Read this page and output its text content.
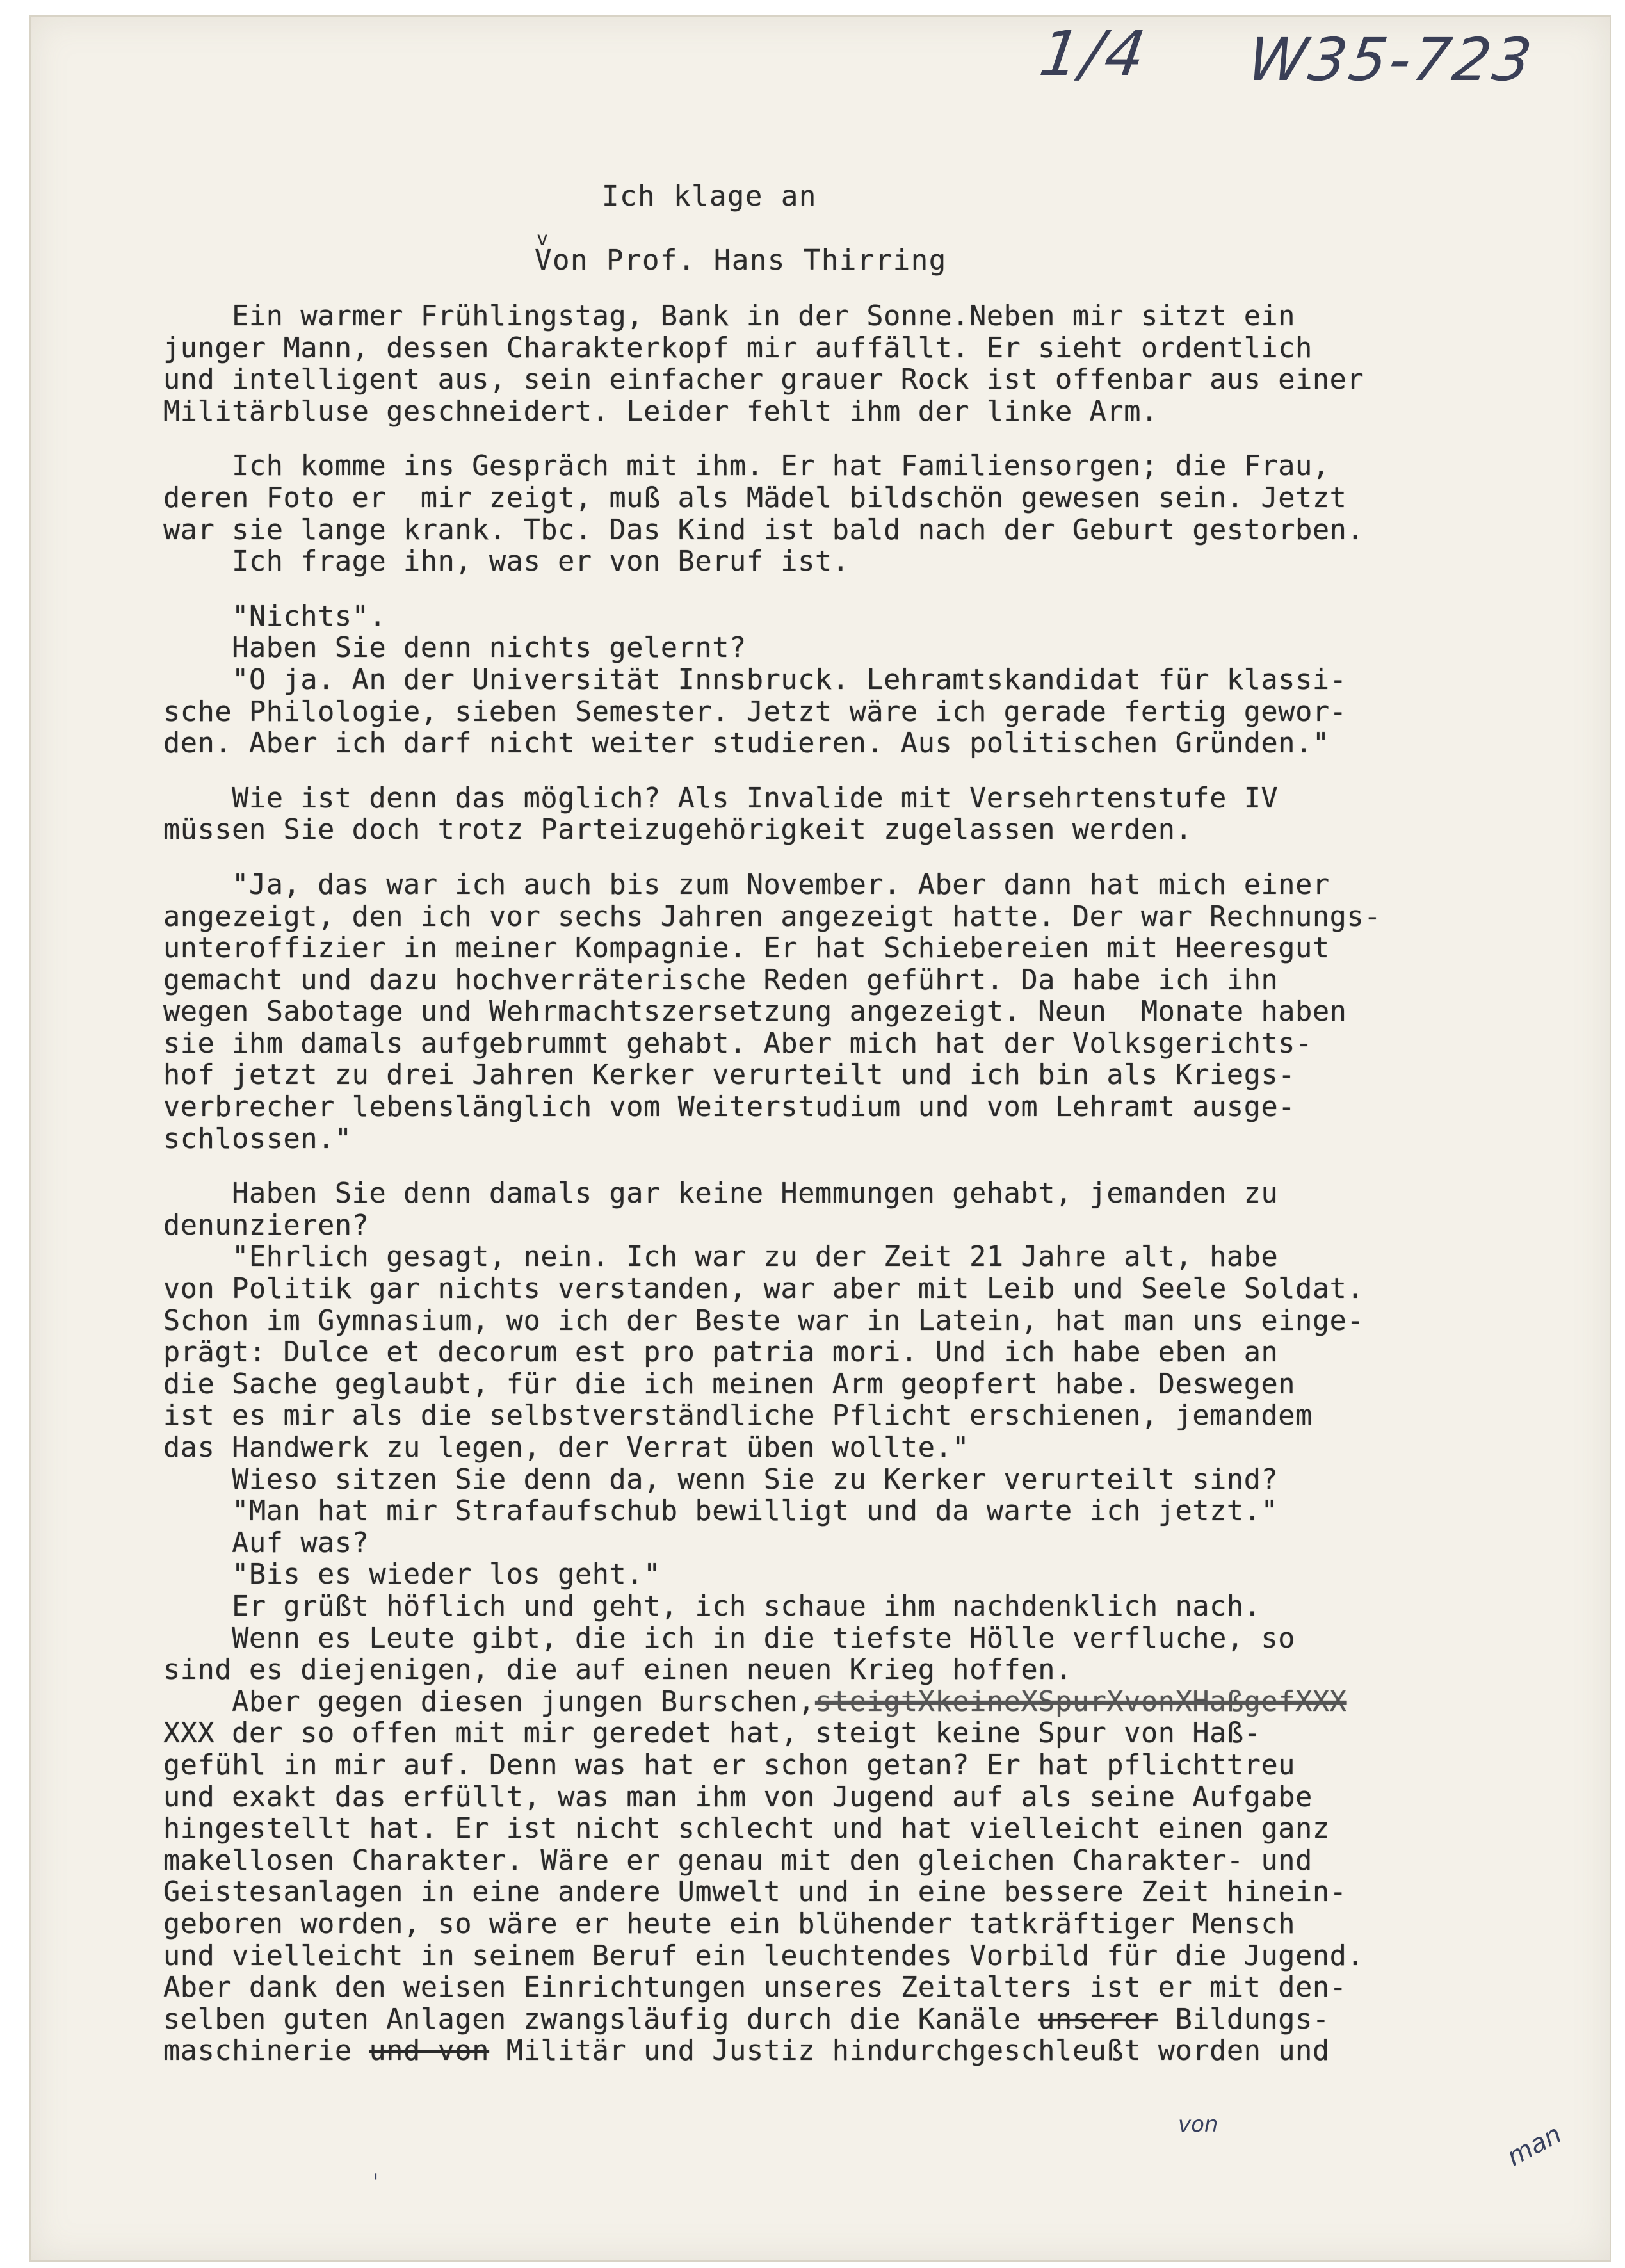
1/4 W35-723
Ich klage an
v
Von Prof. Hans Thirring
Ein warmer Frühlingstag, Bank in der Sonne.Neben mir sitzt ein
junger Mann, dessen Charakterkopf mir auffällt. Er sieht ordentlich
und intelligent aus, sein einfacher grauer Rock ist offenbar aus einer
Militärbluse geschneidert. Leider fehlt ihm der linke Arm.
Ich komme ins Gespräch mit ihm. Er hat Familiensorgen; die Frau,
deren Foto er  mir zeigt, muß als Mädel bildschön gewesen sein. Jetzt
war sie lange krank. Tbc. Das Kind ist bald nach der Geburt gestorben.
Ich frage ihn, was er von Beruf ist.
"Nichts".
Haben Sie denn nichts gelernt?
"O ja. An der Universität Innsbruck. Lehramtskandidat für klassi-
sche Philologie, sieben Semester. Jetzt wäre ich gerade fertig gewor-
den. Aber ich darf nicht weiter studieren. Aus politischen Gründen."
Wie ist denn das möglich? Als Invalide mit Versehrtenstufe IV
müssen Sie doch trotz Parteizugehörigkeit zugelassen werden.
"Ja, das war ich auch bis zum November. Aber dann hat mich einer
angezeigt, den ich vor sechs Jahren angezeigt hatte. Der war Rechnungs-
unteroffizier in meiner Kompagnie. Er hat Schiebereien mit Heeresgut
gemacht und dazu hochverräterische Reden geführt. Da habe ich ihn
wegen Sabotage und Wehrmachtszersetzung angezeigt. Neun  Monate haben
sie ihm damals aufgebrummt gehabt. Aber mich hat der Volksgerichts-
hof jetzt zu drei Jahren Kerker verurteilt und ich bin als Kriegs-
verbrecher lebenslänglich vom Weiterstudium und vom Lehramt ausge-
schlossen."
Haben Sie denn damals gar keine Hemmungen gehabt, jemanden zu
denunzieren?
"Ehrlich gesagt, nein. Ich war zu der Zeit 21 Jahre alt, habe
von Politik gar nichts verstanden, war aber mit Leib und Seele Soldat.
Schon im Gymnasium, wo ich der Beste war in Latein, hat man uns einge-
prägt: Dulce et decorum est pro patria mori. Und ich habe eben an
die Sache geglaubt, für die ich meinen Arm geopfert habe. Deswegen
ist es mir als die selbstverständliche Pflicht erschienen, jemandem
das Handwerk zu legen, der Verrat üben wollte."
Wieso sitzen Sie denn da, wenn Sie zu Kerker verurteilt sind?
"Man hat mir Strafaufschub bewilligt und da warte ich jetzt."
Auf was?
"Bis es wieder los geht."
Er grüßt höflich und geht, ich schaue ihm nachdenklich nach.
Wenn es Leute gibt, die ich in die tiefste Hölle verfluche, so
sind es diejenigen, die auf einen neuen Krieg hoffen.
Aber gegen diesen jungen Burschen,steigtXkeineXSpurXvonXHaßgefXXX
XXX der so offen mit mir geredet hat, steigt keine Spur von Haß-
gefühl in mir auf. Denn was hat er schon getan? Er hat pflichttreu
und exakt das erfüllt, was man ihm von Jugend auf als seine Aufgabe
hingestellt hat. Er ist nicht schlecht und hat vielleicht einen ganz
makellosen Charakter. Wäre er genau mit den gleichen Charakter- und
Geistesanlagen in eine andere Umwelt und in eine bessere Zeit hinein-
geboren worden, so wäre er heute ein blühender tatkräftiger Mensch
und vielleicht in seinem Beruf ein leuchtendes Vorbild für die Jugend.
Aber dank den weisen Einrichtungen unseres Zeitalters ist er mit den-
selben guten Anlagen zwangsläufig durch die Kanäle unserer Bildungs-
maschinerie und von Militär und Justiz hindurchgeschleußt worden und
von	man
'
